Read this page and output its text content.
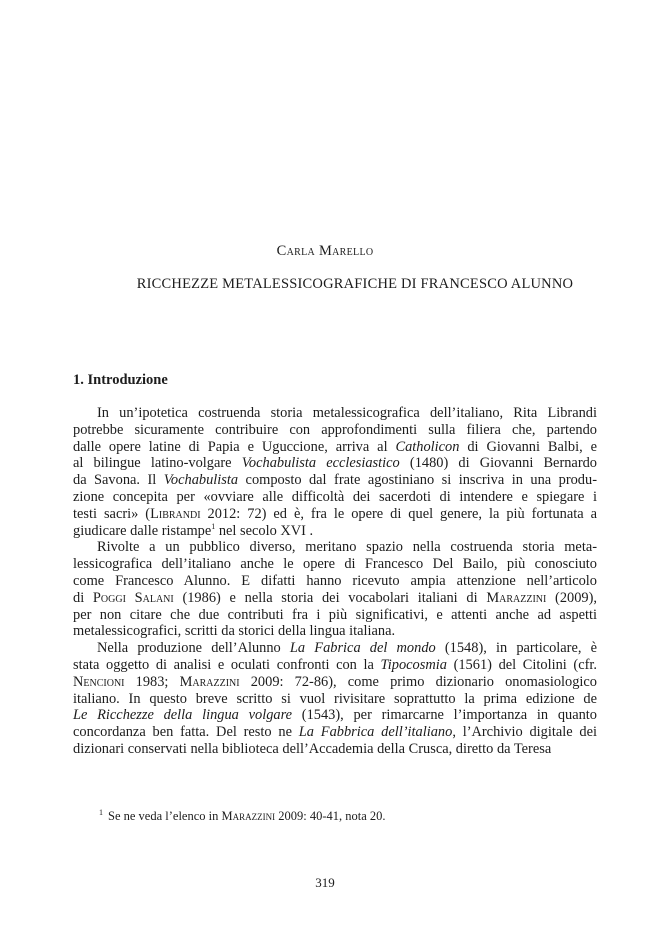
Carla Marello
RICCHEZZE METALESSICOGRAFICHE DI FRANCESCO ALUNNO
1. Introduzione
In un’ipotetica costruenda storia metalessicografica dell’italiano, Rita Librandi
potrebbe sicuramente contribuire con approfondimenti sulla filiera che, partendo
dalle opere latine di Papia e Uguccione, arriva al Catholicon di Giovanni Balbi, e
al bilingue latino-volgare Vochabulista ecclesiastico (1480) di Giovanni Bernardo
da Savona. Il Vochabulista composto dal frate agostiniano si inscriva in una produ-
zione concepita per «ovviare alle difficoltà dei sacerdoti di intendere e spiegare i
testi sacri» (Librandi 2012: 72) ed è, fra le opere di quel genere, la più fortunata a
giudicare dalle ristampe$^1$ nel secolo XVI .
Rivolte a un pubblico diverso, meritano spazio nella costruenda storia meta-
lessicografica dell’italiano anche le opere di Francesco Del Bailo, più conosciuto
come Francesco Alunno. E difatti hanno ricevuto ampia attenzione nell’articolo
di Poggi Salani (1986) e nella storia dei vocabolari italiani di Marazzini (2009),
per non citare che due contributi fra i più significativi, e attenti anche ad aspetti
metalessicografici, scritti da storici della lingua italiana.
Nella produzione dell’Alunno La Fabrica del mondo (1548), in particolare, è
stata oggetto di analisi e oculati confronti con la Tipocosmia (1561) del Citolini (cfr.
Nencioni 1983; Marazzini 2009: 72-86), come primo dizionario onomasiologico
italiano. In questo breve scritto si vuol rivisitare soprattutto la prima edizione de
Le Ricchezze della lingua volgare (1543), per rimarcarne l’importanza in quanto
concordanza ben fatta. Del resto ne La Fabbrica dell’italiano, l’Archivio digitale dei
dizionari conservati nella biblioteca dell’Accademia della Crusca, diretto da Teresa
$^1$ Se ne veda l’elenco in Marazzini 2009: 40-41, nota 20.
319
